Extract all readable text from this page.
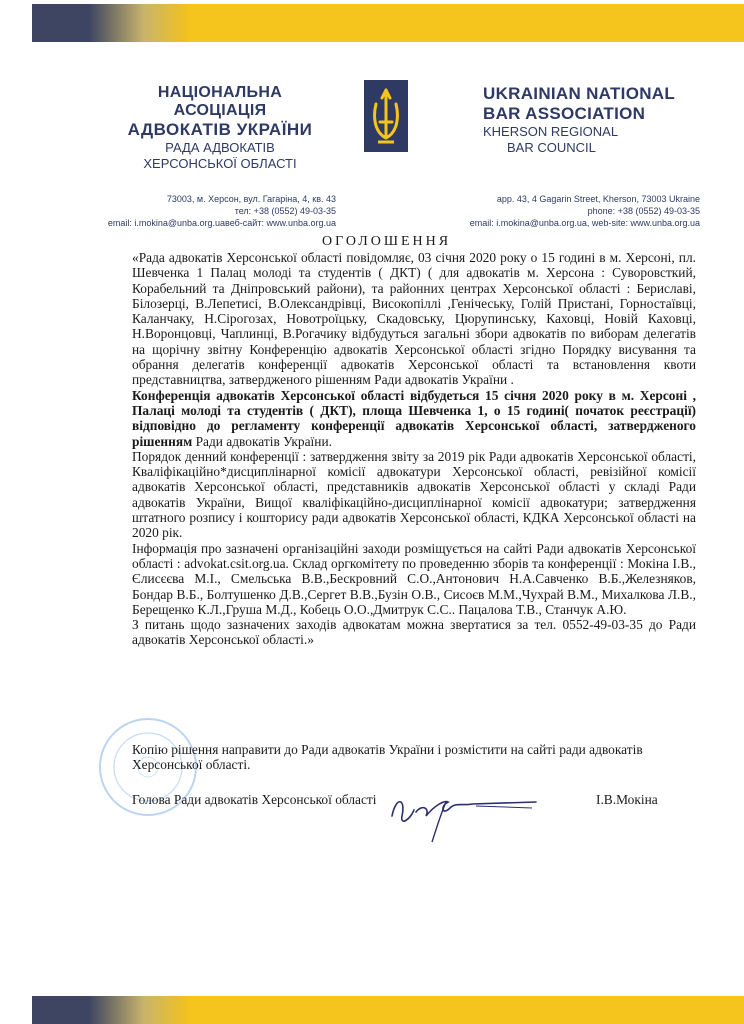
НАЦІОНАЛЬНА АСОЦІАЦІЯ
АДВОКАТІВ УКРАЇНИ
РАДА АДВОКАТІВ
ХЕРСОНСЬКОЇ ОБЛАСТІ
UKRAINIAN NATIONAL
BAR ASSOCIATION
KHERSON REGIONAL
BAR COUNCIL
73003, м. Херсон, вул. Гагаріна, 4, кв. 43
тел: +38 (0552) 49-03-35
email: i.mokina@unba.org.uaвеб-сайт: www.unba.org.ua
app. 43, 4 Gagarin Street, Kherson, 73003 Ukraine
phone: +38 (0552) 49-03-35
email: i.mokina@unba.org.ua, web-site: www.unba.org.ua
ОГОЛОШЕННЯ

«Рада адвокатів Херсонської області повідомляє, 03 січня 2020 року о 15 годині в м. Херсоні, пл. Шевченка 1 Палац молоді та студентів ( ДКТ) ( для адвокатів м. Херсона : Суворовсткий, Корабельний та Дніпровський райони), та районних центрах Херсонської області : Бериславі, Білозерці, В.Лепетисі, В.Олександрівці, Високопіллі ,Генічеську, Голій Пристані, Горностаївці, Каланчаку, Н.Сірогозах, Новотроїцьку, Скадовську, Цюрупинську, Каховці, Новій Каховці, Н.Воронцовці, Чаплинці, В.Рогачику відбудуться загальні збори адвокатів по виборам делегатів на щорічну звітну Конференцію адвокатів Херсонської області згідно Порядку висування та обрання делегатів конференції адвокатів Херсонської області та встановлення квоти представництва, затвердженого рішенням Ради адвокатів України .

Конференція адвокатів Херсонської області відбудеться 15 січня 2020 року в м. Херсоні , Палаці молоді та студентів ( ДКТ), площа Шевченка 1, о 15 годині( початок реєстрації) відповідно до регламенту конференції адвокатів Херсонської області, затвердженого рішенням Ради адвокатів України.

Порядок денний конференції : затвердження звіту за 2019 рік Ради адвокатів Херсонської області, Кваліфікаційно*дисциплінарної комісії адвокатури Херсонської області, ревізійної комісії адвокатів Херсонської області, представників адвокатів Херсонської області у складі Ради адвокатів України, Вищої кваліфікаційно-дисциплінарної комісії адвокатури; затвердження штатного розпису і кошторису ради адвокатів Херсонської області, КДКА Херсонської області на 2020 рік.

Інформація про зазначені організаційні заходи розміщується на сайті Ради адвокатів Херсонської області : advokat.csit.org.ua. Склад оргкомітету по проведенню зборів та конференції : Мокіна І.В., Єлисєєва М.І., Смельська В.В.,Бескровний С.О.,Антонович Н.А.Савченко В.Б.,Железняков, Бондар В.Б., Болтушенко Д.В.,Сергет В.В.,Бузін О.В., Сисоєв М.М.,Чухрай В.М., Михалкова Л.В., Берещенко К.Л.,Груша М.Д., Кобець О.О.,Дмитрук С.С.. Пацалова Т.В., Станчук А.Ю.

З питань щодо зазначених заходів адвокатам можна звертатися за тел. 0552-49-03-35 до Ради адвокатів Херсонської області.»

Копію рішення направити до Ради адвокатів України і розмістити на сайті ради адвокатів Херсонської області.
Голова Ради адвокатів Херсонської області	І.В.Мокіна
